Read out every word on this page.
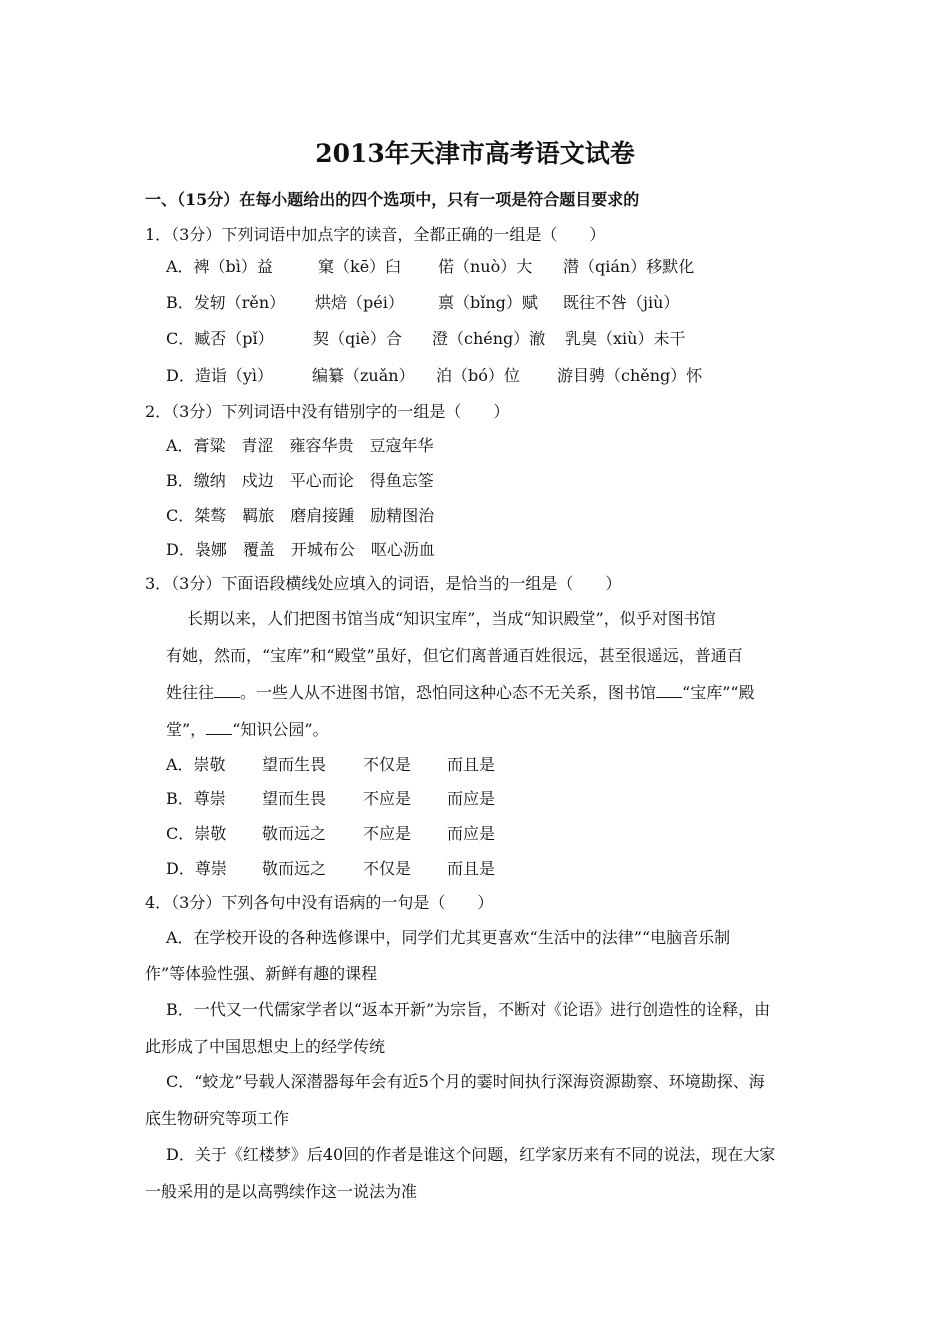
2013年天津市高考语文试卷
一、（15分）在每小题给出的四个选项中，只有一项是符合题目要求的
1．（3分）下列词语中加点字的读音，全都正确的一组是（　　）
A．裨（bì）益	窠（kē）臼 偌（nuò）大 潜（qián）移默化
B．发轫（rěn） 烘焙（péi） 禀（bǐng）赋 既往不咎（jiù）
C．臧否（pǐ） 契（qiè）合 澄（chéng）澈 乳臭（xiù）未干
D．造诣（yì） 编纂（zuǎn） 泊（bó）位 游目骋（chěng）怀
2．（3分）下列词语中没有错别字的一组是（　　）
A．膏粱　青涩　雍容华贵　豆寇年华
B．缴纳　戍边　平心而论　得鱼忘筌
C．桀骜　羁旅　磨肩接踵　励精图治
D．袅娜　覆盖　开城布公　呕心沥血
3．（3分）下面语段横线处应填入的词语，是恰当的一组是（　　）
长期以来，人们把图书馆当成“知识宝库”，当成“知识殿堂”，似乎对图书馆
有她，然而，“宝库”和“殿堂”虽好，但它们离普通百姓很远，甚至很遥远，普通百
姓往往 。一些人从不进图书馆，恐怕同这种心态不无关系，图书馆 “宝库”“殿
堂”， “知识公园”。
A．崇敬 望而生畏 不仅是 而且是
B．尊崇 望而生畏 不应是 而应是
C．崇敬 敬而远之 不应是 而应是
D．尊崇 敬而远之 不仅是 而且是
4．（3分）下列各句中没有语病的一句是（　　）
A．在学校开设的各种选修课中，同学们尤其更喜欢“生活中的法律”“电脑音乐制
作”等体验性强、新鲜有趣的课程
B．一代又一代儒家学者以“返本开新”为宗旨，不断对《论语》进行创造性的诠释，由
此形成了中国思想史上的经学传统
C．“蛟龙”号载人深潜器每年会有近5个月的霎时间执行深海资源勘察、环境勘探、海
底生物研究等项工作
D．关于《红楼梦》后40回的作者是谁这个问题，红学家历来有不同的说法，现在大家
一般采用的是以高鹗续作这一说法为准
